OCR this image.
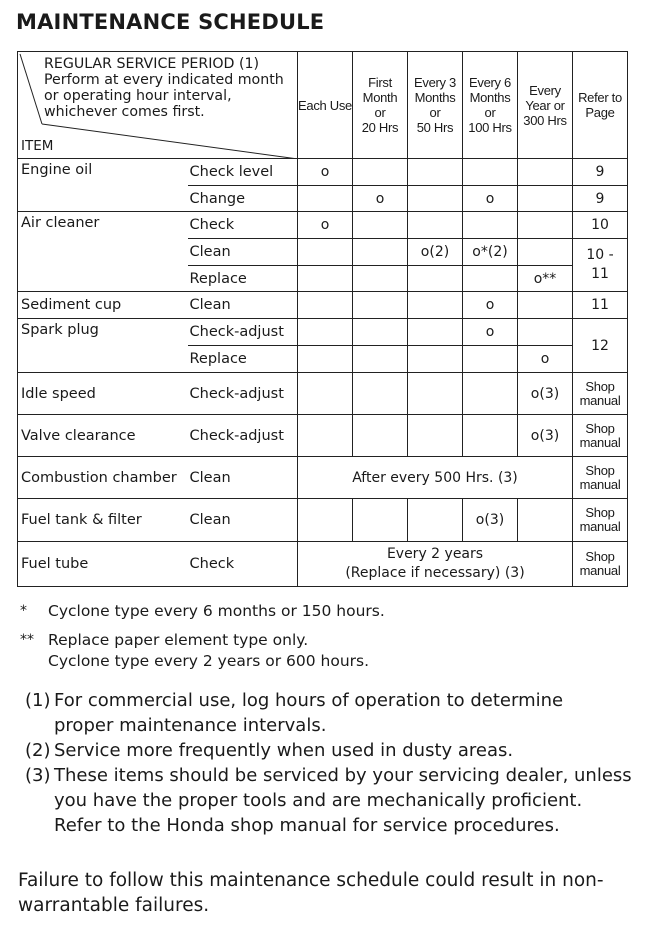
MAINTENANCE SCHEDULE
REGULAR SERVICE PERIOD (1)
Perform at every indicated month
or operating hour interval,
whichever comes first.
ITEM		Each Use	First
Month
or
20 Hrs	Every 3
Months
or
50 Hrs	Every 6
Months
or
100 Hrs	Every
Year or
300 Hrs	Refer to
Page

Engine oil	Check level	o					9
	Change		o		o		9
Air cleaner	Check	o					10
	Clean			o(2)	o*(2)		10 -
11

	Replace					o**	
Sediment cup	Clean				o		11
Spark plug	Check-adjust				o		12
	Replace					o	
Idle speed	Check-adjust					o(3)	Shop
manual

Valve clearance	Check-adjust					o(3)	Shop
manual

Combustion chamber	Clean	After every 500 Hrs. (3)					Shop
manual

Fuel tank & filter	Clean				o(3)		Shop
manual

Fuel tube	Check	Every 2 years
(Replace if necessary) (3)					Shop
manual
*	Cyclone type every 6 months or 150 hours.
** Replace paper element type only.
Cyclone type every 2 years or 600 hours.
(1) For commercial use, log hours of operation to determine
proper maintenance intervals.
(2) Service more frequently when used in dusty areas.
(3) These items should be serviced by your servicing dealer, unless
you have the proper tools and are mechanically proficient.
Refer to the Honda shop manual for service procedures.
Failure to follow this maintenance schedule could result in non-
warrantable failures.
